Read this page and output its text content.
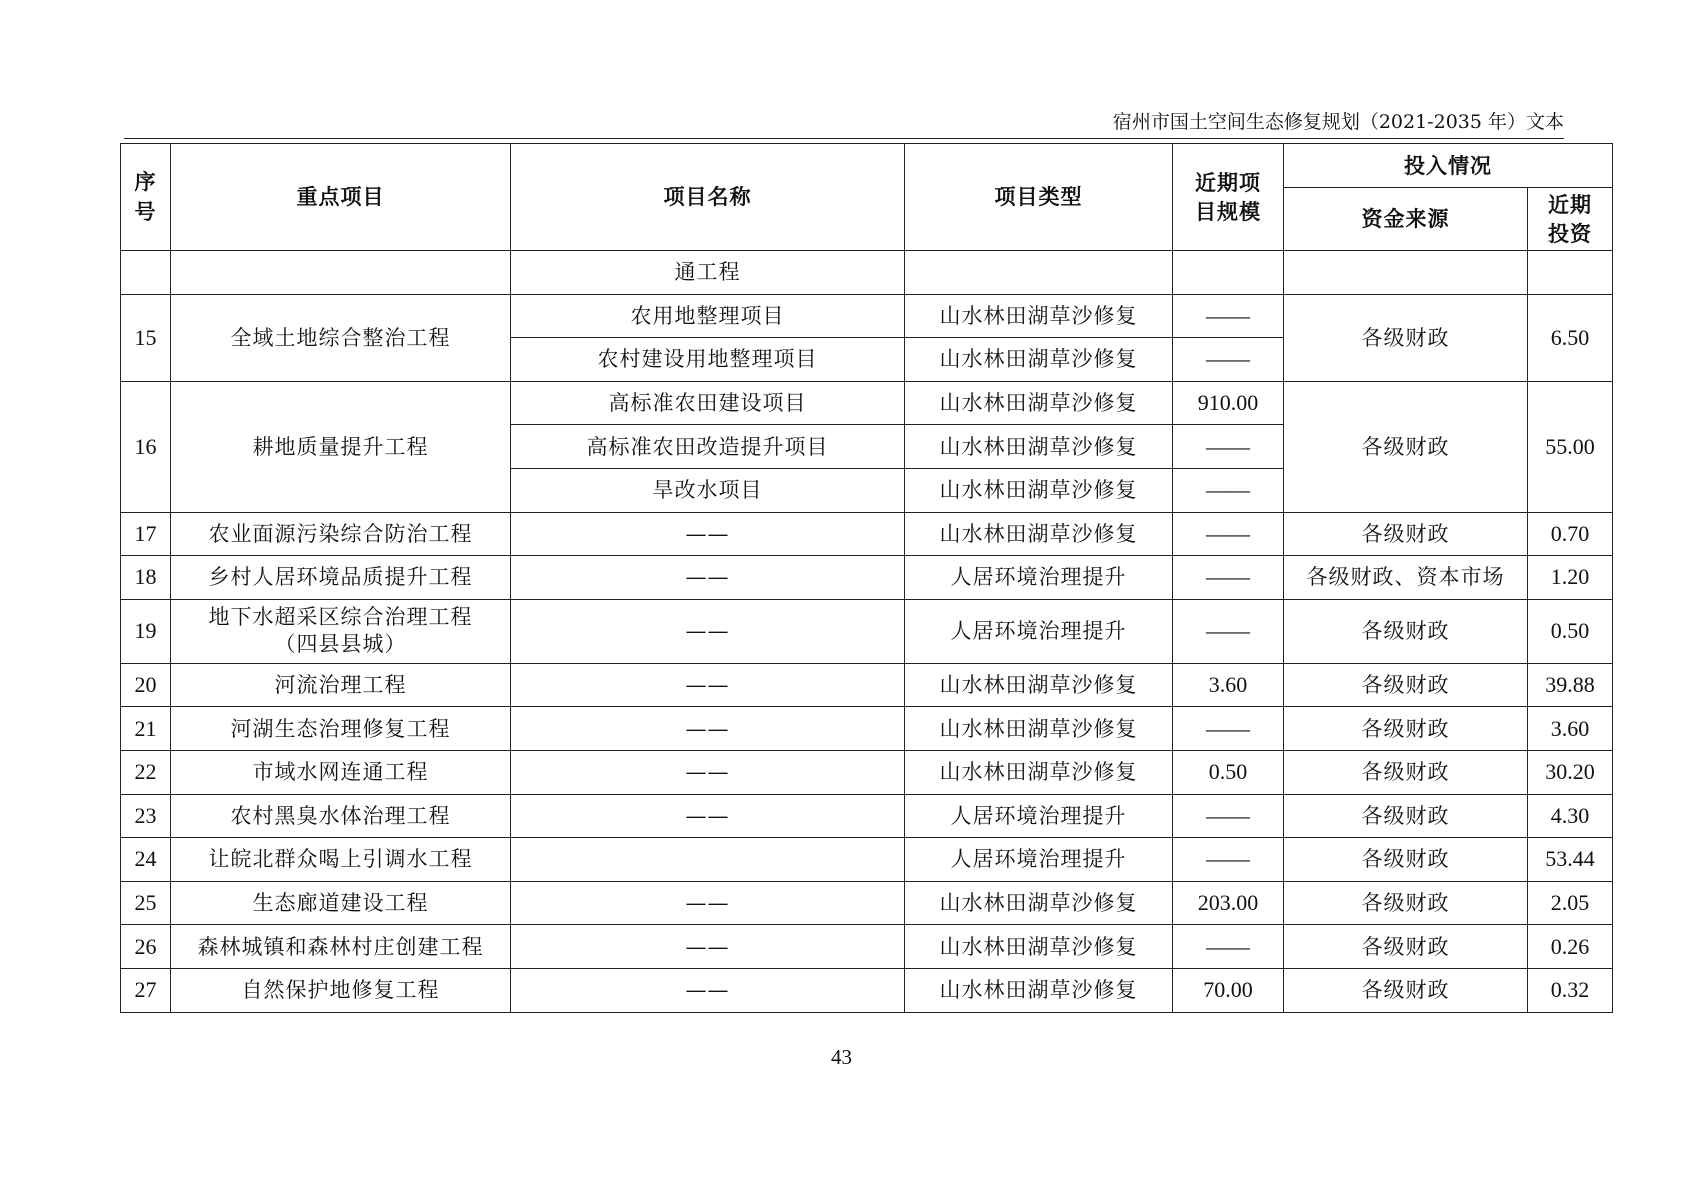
宿州市国土空间生态修复规划（2021-2035 年）文本
序号	重点项目	项目名称	项目类型	近期项目规模	投入情况	
					资金来源	近期投资
		通工程				
15	全域土地综合整治工程	农用地整理项目	山水林田湖草沙修复	——	各级财政	6.50
		农村建设用地整理项目	山水林田湖草沙修复	——		
16	耕地质量提升工程	高标准农田建设项目	山水林田湖草沙修复	910.00	各级财政	55.00
		高标准农田改造提升项目	山水林田湖草沙修复	——		
		旱改水项目	山水林田湖草沙修复	——		
17	农业面源污染综合防治工程	——	山水林田湖草沙修复	——	各级财政	0.70
18	乡村人居环境品质提升工程	——	人居环境治理提升	——	各级财政、资本市场	1.20
19	地下水超采区综合治理工程（四县县城）	——	人居环境治理提升	——	各级财政	0.50
20	河流治理工程	——	山水林田湖草沙修复	3.60	各级财政	39.88
21	河湖生态治理修复工程	——	山水林田湖草沙修复	——	各级财政	3.60
22	市域水网连通工程	——	山水林田湖草沙修复	0.50	各级财政	30.20
23	农村黑臭水体治理工程	——	人居环境治理提升	——	各级财政	4.30
24	让皖北群众喝上引调水工程		人居环境治理提升	——	各级财政	53.44
25	生态廊道建设工程	——	山水林田湖草沙修复	203.00	各级财政	2.05
26	森林城镇和森林村庄创建工程	——	山水林田湖草沙修复	——	各级财政	0.26
27	自然保护地修复工程	——	山水林田湖草沙修复	70.00	各级财政	0.32
43
